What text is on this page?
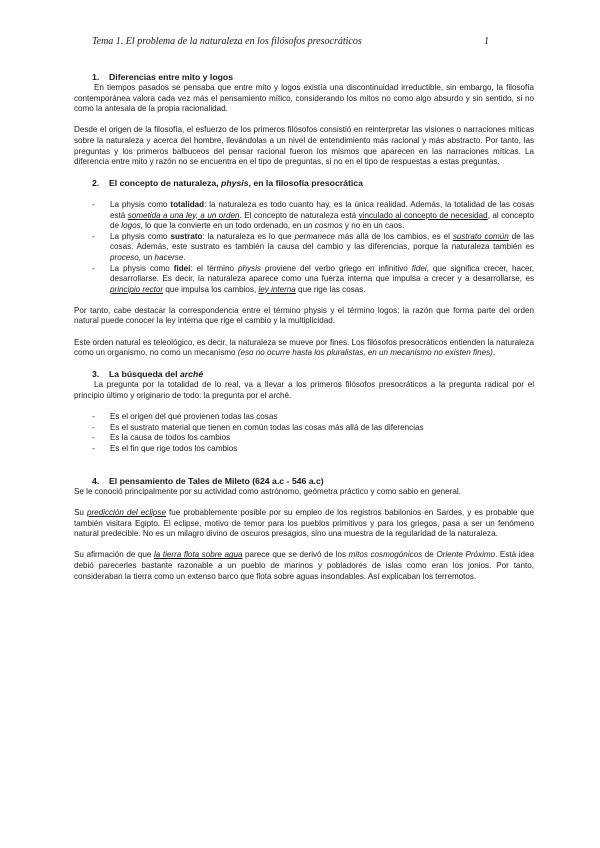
Tema 1. El problema de la naturaleza en los filósofos presocráticos	1

1. Diferencias entre mito y logos

En tiempos pasados se pensaba que entre mito y logos existía una discontinuidad irreductible, sin embargo, la filosofía contemporánea valora cada vez más el pensamiento mítico, considerando los mitos no como algo absurdo y sin sentido, si no como la antesala de la propia racionalidad.

Desde el origen de la filosofía, el esfuerzo de los primeros filósofos consistió en reinterpretar las visiones o narraciones míticas sobre la naturaleza y acerca del hombre, llevándolas a un nivel de entendimiento más racional y más abstracto. Por tanto, las preguntas y los primeros balbuceos del pensar racional fueron los mismos que aparecen en las narraciones míticas. La diferencia entre mito y razón no se encuentra en el tipo de preguntas, si no en el tipo de respuestas a estas preguntas.

2. El concepto de naturaleza, physis, en la filosofía presocrática

- La physis como totalidad: la naturaleza es todo cuanto hay, es la única realidad. Además, la totalidad de las cosas está sometida a una ley, a un orden. El concepto de naturaleza está vinculado al concepto de necesidad, al concepto de logos, lo que la convierte en un todo ordenado, en un cosmos y no en un caos.
- La physis como sustrato: la naturaleza es lo que permanece más allá de los cambios, es el sustrato común de las cosas. Además, este sustrato es también la causa del cambio y las diferencias, porque la naturaleza también es proceso, un hacerse.
- La physis como fidei: el término physis proviene del verbo griego en infinitivo fidei, que significa crecer, hacer, desarrollarse. Es decir, la naturaleza aparece como una fuerza interna que impulsa a crecer y a desarrollarse, es principio rector que impulsa los cambios, ley interna que rige las cosas.

Por tanto, cabe destacar la correspondencia entre el término physis y el término logos: la razón que forma parte del orden natural puede conocer la ley interna que rige el cambio y la multiplicidad.

Este orden natural es teleológico, es decir, la naturaleza se mueve por fines. Los filósofos presocráticos entienden la naturaleza como un organismo, no como un mecanismo (eso no ocurre hasta los pluralistas, en un mecanismo no existen fines).

3. La búsqueda del arché

La pregunta por la totalidad de lo real, va a llevar a los primeros filósofos presocráticos a la pregunta radical por el principio último y originario de todo: la pregunta por el arché.

- Es el origen del que provienen todas las cosas
- Es el sustrato material que tienen en común todas las cosas más allá de las diferencias
- Es la causa de todos los cambios
- Es el fin que rige todos los cambios

4. El pensamiento de Tales de Mileto (624 a.c - 546 a.c)

Se le conoció principalmente por su actividad como astrónomo, geómetra práctico y como sabio en general.

Su predicción del eclipse fue probablemente posible por su empleo de los registros babilonios en Sardes, y es probable que también visitara Egipto. El eclipse, motivo de temor para los pueblos primitivos y para los griegos, pasa a ser un fenómeno natural predecible. No es un milagro divino de oscuros presagios, sino una muestra de la regularidad de la naturaleza.

Su afirmación de que la tierra flota sobre agua parece que se derivó de los mitos cosmogónicos de Oriente Próximo. Está idea debió parecerles bastante razonable a un pueblo de marinos y pobladores de islas como eran los jonios. Por tanto, consideraban la tierra como un extenso barco que flota sobre aguas insondables. Así explicaban los terremotos.
